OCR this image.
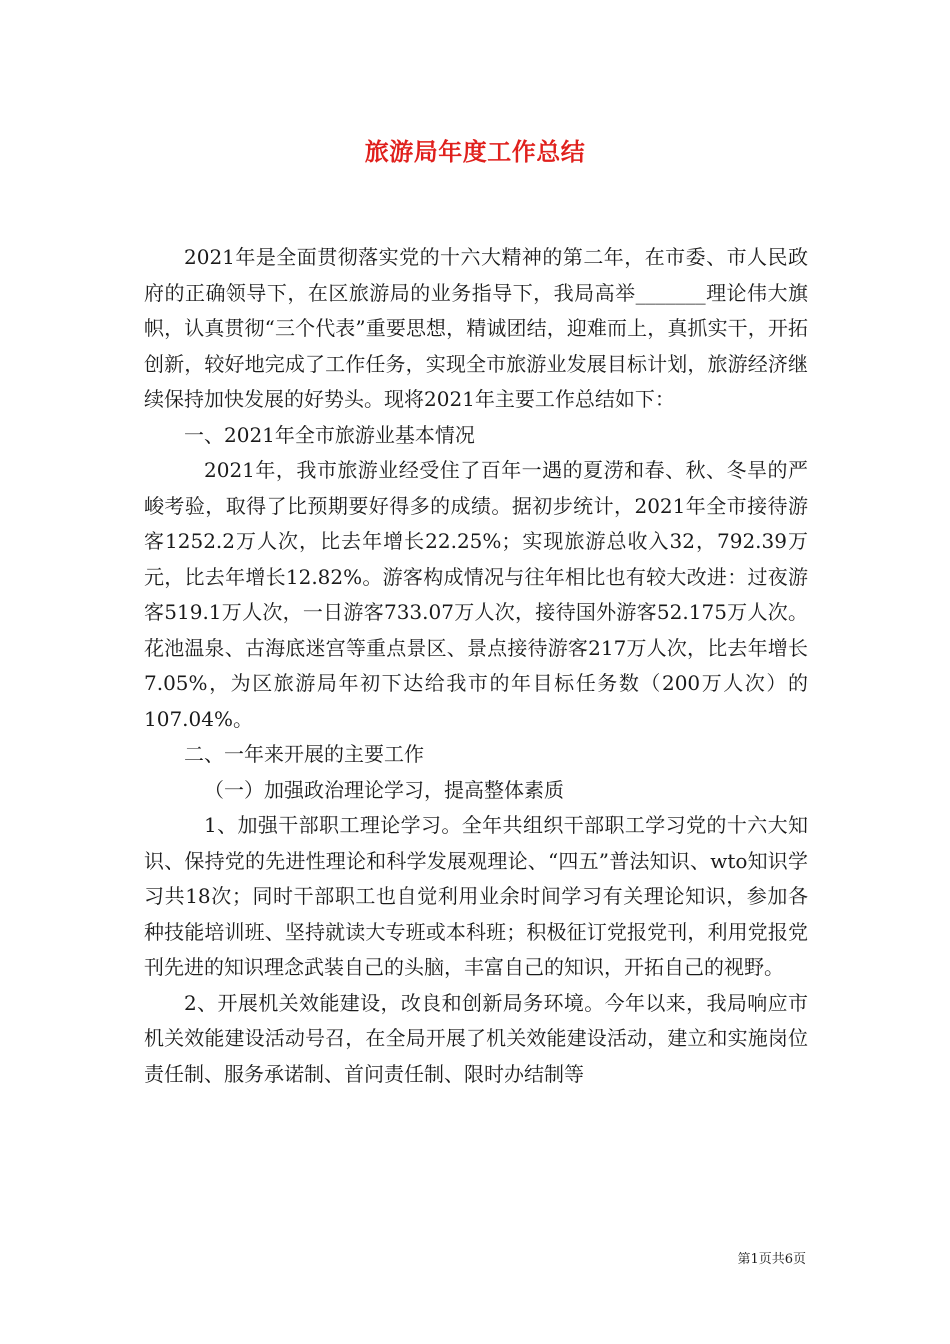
旅游局年度工作总结

2021年是全面贯彻落实党的十六大精神的第二年，在市委、市人民政府的正确领导下，在区旅游局的业务指导下，我局高举_______理论伟大旗帜，认真贯彻“三个代表”重要思想，精诚团结，迎难而上，真抓实干，开拓创新，较好地完成了工作任务，实现全市旅游业发展目标计划，旅游经济继续保持加快发展的好势头。现将2021年主要工作总结如下：

一、2021年全市旅游业基本情况

2021年，我市旅游业经受住了百年一遇的夏涝和春、秋、冬旱的严峻考验，取得了比预期要好得多的成绩。据初步统计，2021年全市接待游客1252.2万人次，比去年增长22.25%；实现旅游总收入32，792.39万元，比去年增长12.82%。游客构成情况与往年相比也有较大改进：过夜游客519.1万人次，一日游客733.07万人次，接待国外游客52.175万人次。花池温泉、古海底迷宫等重点景区、景点接待游客217万人次，比去年增长7.05%，为区旅游局年初下达给我市的年目标任务数（200万人次）的107.04%。

二、一年来开展的主要工作

（一）加强政治理论学习，提高整体素质

1、加强干部职工理论学习。全年共组织干部职工学习党的十六大知识、保持党的先进性理论和科学发展观理论、“四五”普法知识、wto知识学习共18次；同时干部职工也自觉利用业余时间学习有关理论知识，参加各种技能培训班、坚持就读大专班或本科班；积极征订党报党刊，利用党报党刊先进的知识理念武装自己的头脑，丰富自己的知识，开拓自己的视野。

2、开展机关效能建设，改良和创新局务环境。今年以来，我局响应市机关效能建设活动号召，在全局开展了机关效能建设活动，建立和实施岗位责任制、服务承诺制、首问责任制、限时办结制等

第1页共6页
